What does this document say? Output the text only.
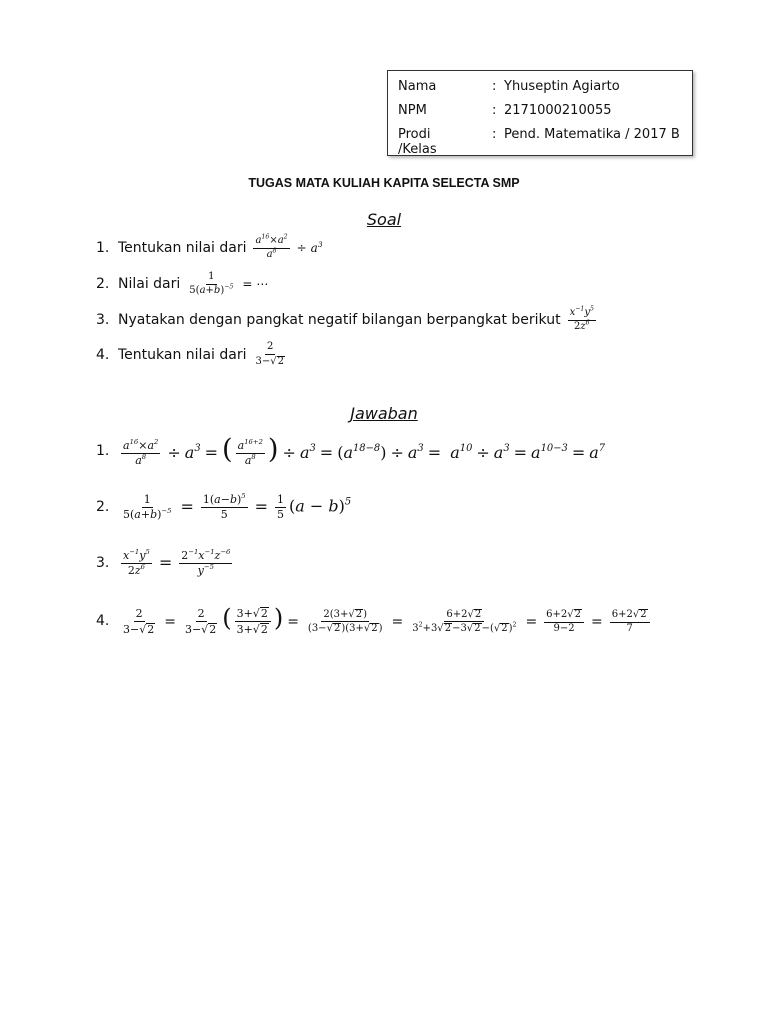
Nama	: Yhuseptin Agiarto
NPM	: 2171000210055
Prodi /Kelas
: Pend. Matematika / 2017 B
TUGAS MATA KULIAH KAPITA SELECTA SMP
Soal
1. Tentukan nilai dari $\frac{a^{16}\times a^2}{a^8} \div a^3$
2. Nilai dari $\frac{1}{5(a+b)^{-5}}$ = ⋯
3. Nyatakan dengan pangkat negatif bilangan berpangkat berikut $\frac{x^{-1}y^5}{2z^6}$
4. Tentukan nilai dari $\frac{2}{3-√2}$
Jawaban
1.	$\frac{a^{16}\times a^2}{a^8} \div a^3$ = ( $\frac{a^{16+2}}{a^8}$ ) ÷ $a^3 = (a^{18-8}) \div a^3 = a^{10} \div a^3 = a^{10-3} = a^7$
2.	$\frac{1}{5(a+b)^{-5}} = \frac{1(a-b)^5}{5} = \frac{1}{5} (a - b)^5$
3.	$\frac{x^{-1}y^5}{2z^6} = \frac{2^{-1}x^{-1}z^{-6}}{y^{-5}}$
4.	$\frac{2}{3-√2} = \frac{2}{3-√2}$ ( $\frac{3+√2}{3+√2}$ ) = $\frac{2(3+√2)}{(3-√2)(3+√2)} = \frac{6+2√2}{3^2+3√2-3√2-(√2)^2} = \frac{6+2√2}{9-2} = \frac{6+2√2}{7}$
